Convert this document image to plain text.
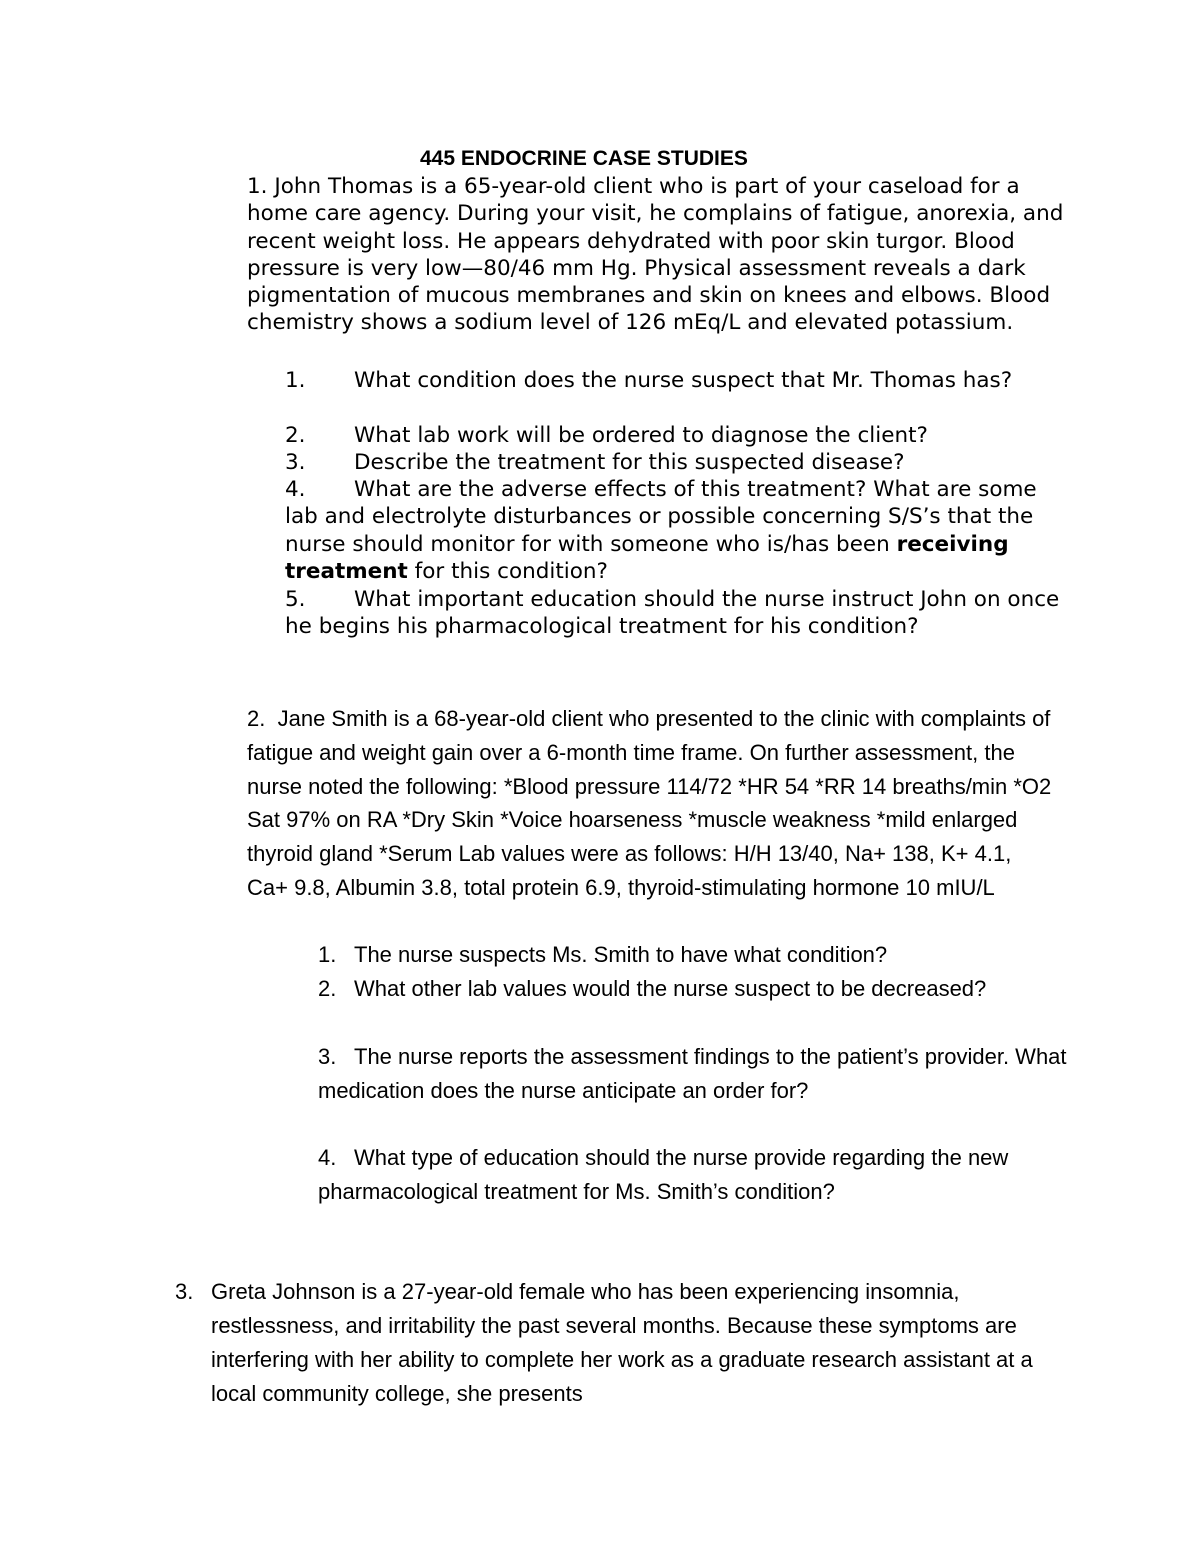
445 ENDOCRINE CASE STUDIES
1. John Thomas is a 65-year-old client who is part of your caseload for a home care agency. During your visit, he complains of fatigue, anorexia, and recent weight loss. He appears dehydrated with poor skin turgor. Blood pressure is very low—80/46 mm Hg. Physical assessment reveals a dark pigmentation of mucous membranes and skin on knees and elbows. Blood chemistry shows a sodium level of 126 mEq/L and elevated potassium.
1. What condition does the nurse suspect that Mr. Thomas has?
2. What lab work will be ordered to diagnose the client?
3. Describe the treatment for this suspected disease?
4. What are the adverse effects of this treatment? What are some lab and electrolyte disturbances or possible concerning S/S’s that the nurse should monitor for with someone who is/has been receiving treatment for this condition?
5. What important education should the nurse instruct John on once he begins his pharmacological treatment for his condition?
2. Jane Smith is a 68-year-old client who presented to the clinic with complaints of fatigue and weight gain over a 6-month time frame. On further assessment, the nurse noted the following: *Blood pressure 114/72 *HR 54 *RR 14 breaths/min *O2 Sat 97% on RA *Dry Skin *Voice hoarseness *muscle weakness *mild enlarged thyroid gland *Serum Lab values were as follows: H/H 13/40, Na+ 138, K+ 4.1, Ca+ 9.8, Albumin 3.8, total protein 6.9, thyroid-stimulating hormone 10 mIU/L
1. The nurse suspects Ms. Smith to have what condition?
2. What other lab values would the nurse suspect to be decreased?
3. The nurse reports the assessment findings to the patient’s provider. What medication does the nurse anticipate an order for?
4. What type of education should the nurse provide regarding the new pharmacological treatment for Ms. Smith’s condition?
3. Greta Johnson is a 27-year-old female who has been experiencing insomnia, restlessness, and irritability the past several months. Because these symptoms are interfering with her ability to complete her work as a graduate research assistant at a local community college, she presents
